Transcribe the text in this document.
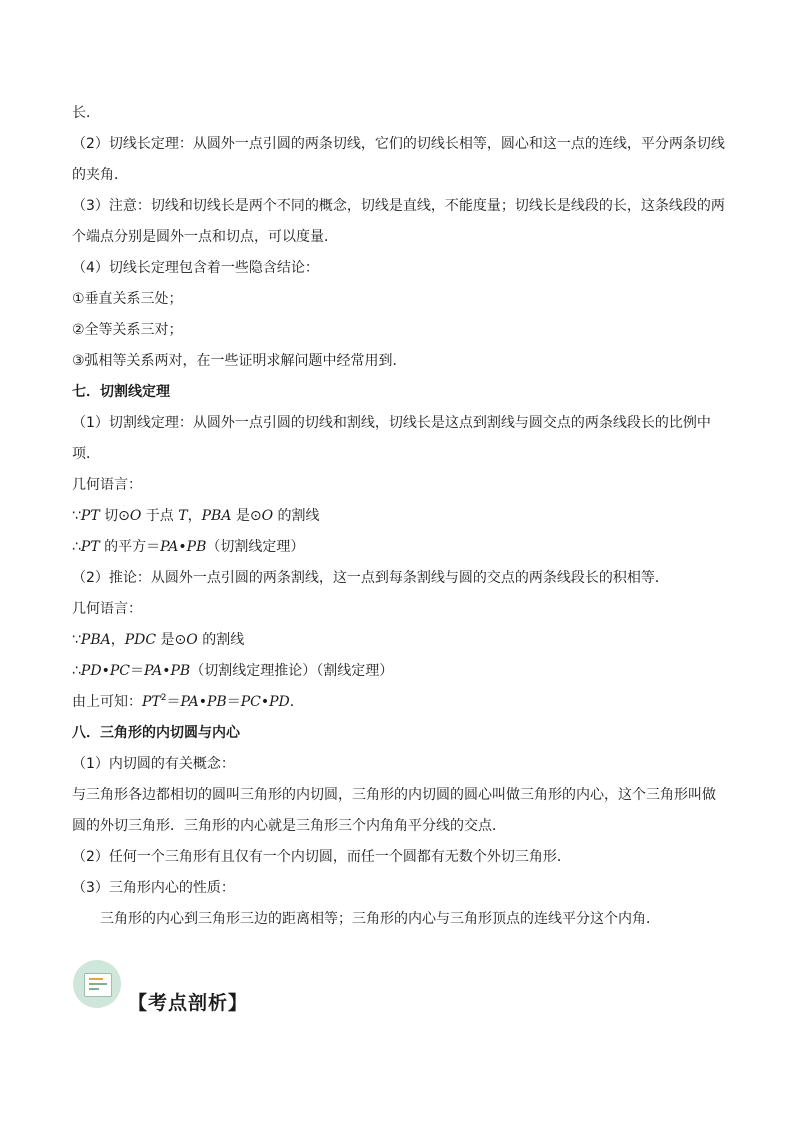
长．
（2）切线长定理：从圆外一点引圆的两条切线，它们的切线长相等，圆心和这一点的连线，平分两条切线
的夹角．
（3）注意：切线和切线长是两个不同的概念，切线是直线，不能度量；切线长是线段的长，这条线段的两
个端点分别是圆外一点和切点，可以度量．
（4）切线长定理包含着一些隐含结论：
①垂直关系三处；
②全等关系三对；
③弧相等关系两对，在一些证明求解问题中经常用到．
七．切割线定理
（1）切割线定理：从圆外一点引圆的切线和割线，切线长是这点到割线与圆交点的两条线段长的比例中
项．
几何语言：
∵PT 切⊙O 于点 T，PBA 是⊙O 的割线
∴PT 的平方＝PA•PB（切割线定理）
（2）推论：从圆外一点引圆的两条割线，这一点到每条割线与圆的交点的两条线段长的积相等．
几何语言：
∵PBA，PDC 是⊙O 的割线
∴PD•PC＝PA•PB（切割线定理推论）（割线定理）
由上可知：$PT^2=PA•PB=PC•PD$．
八．三角形的内切圆与内心
（1）内切圆的有关概念：
与三角形各边都相切的圆叫三角形的内切圆，三角形的内切圆的圆心叫做三角形的内心，这个三角形叫做
圆的外切三角形．三角形的内心就是三角形三个内角角平分线的交点．
（2）任何一个三角形有且仅有一个内切圆，而任一个圆都有无数个外切三角形．
（3）三角形内心的性质：
三角形的内心到三角形三边的距离相等；三角形的内心与三角形顶点的连线平分这个内角．
【考点剖析】
